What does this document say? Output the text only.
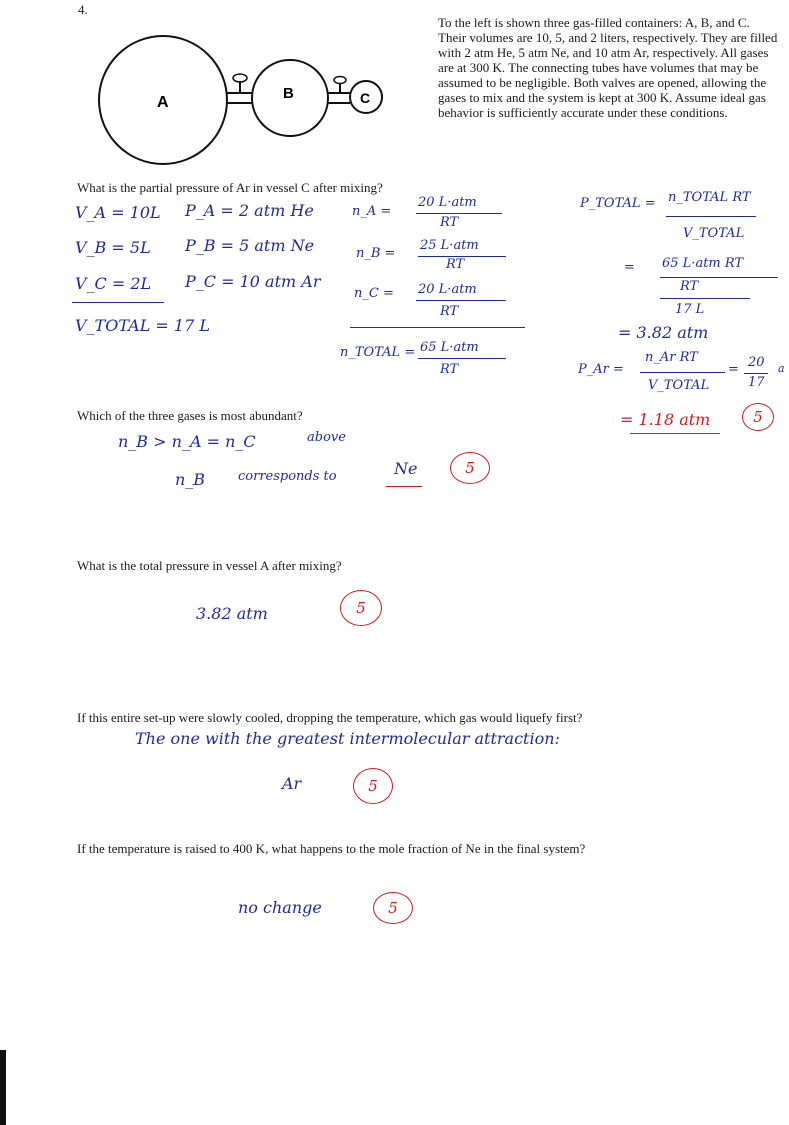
4.
A
B	C
To the left is shown three gas-filled containers: A, B, and C. Their volumes are 10, 5, and 2 liters, respectively. They are filled with 2 atm He, 5 atm Ne, and 10 atm Ar, respectively. All gases are at 300 K. The connecting tubes have volumes that may be assumed to be negligible. Both valves are opened, allowing the gases to mix and the system is kept at 300 K. Assume ideal gas behavior is sufficiently accurate under these conditions.
What is the partial pressure of Ar in vessel C after mixing?
V_A = 10L
V_B = 5L
V_C = 2L
V_TOTAL = 17 L
P_A = 2 atm He
P_B = 5 atm Ne
P_C = 10 atm Ar
n_A =
20 L·atm
RT
n_B =
25 L·atm
RT
n_C = 20 L·atm
RT
n_TOTAL = 65 L·atm
RT
P_TOTAL = n_TOTAL RT
V_TOTAL
= 65 L·atm RT
RT
17 L
= 3.82 atm
P_Ar =
n_Ar RT
V_TOTAL
= 20
17
a
= 1.18 atm	5
Which of the three gases is most abundant?
n_B > n_A = n_C	above
n_B	corresponds to	Ne	5
What is the total pressure in vessel A after mixing?
3.82 atm	5
If this entire set-up were slowly cooled, dropping the temperature, which gas would liquefy first?
The one with the greatest intermolecular attraction:
Ar	5
If the temperature is raised to 400 K, what happens to the mole fraction of Ne in the final system?
no change	5
